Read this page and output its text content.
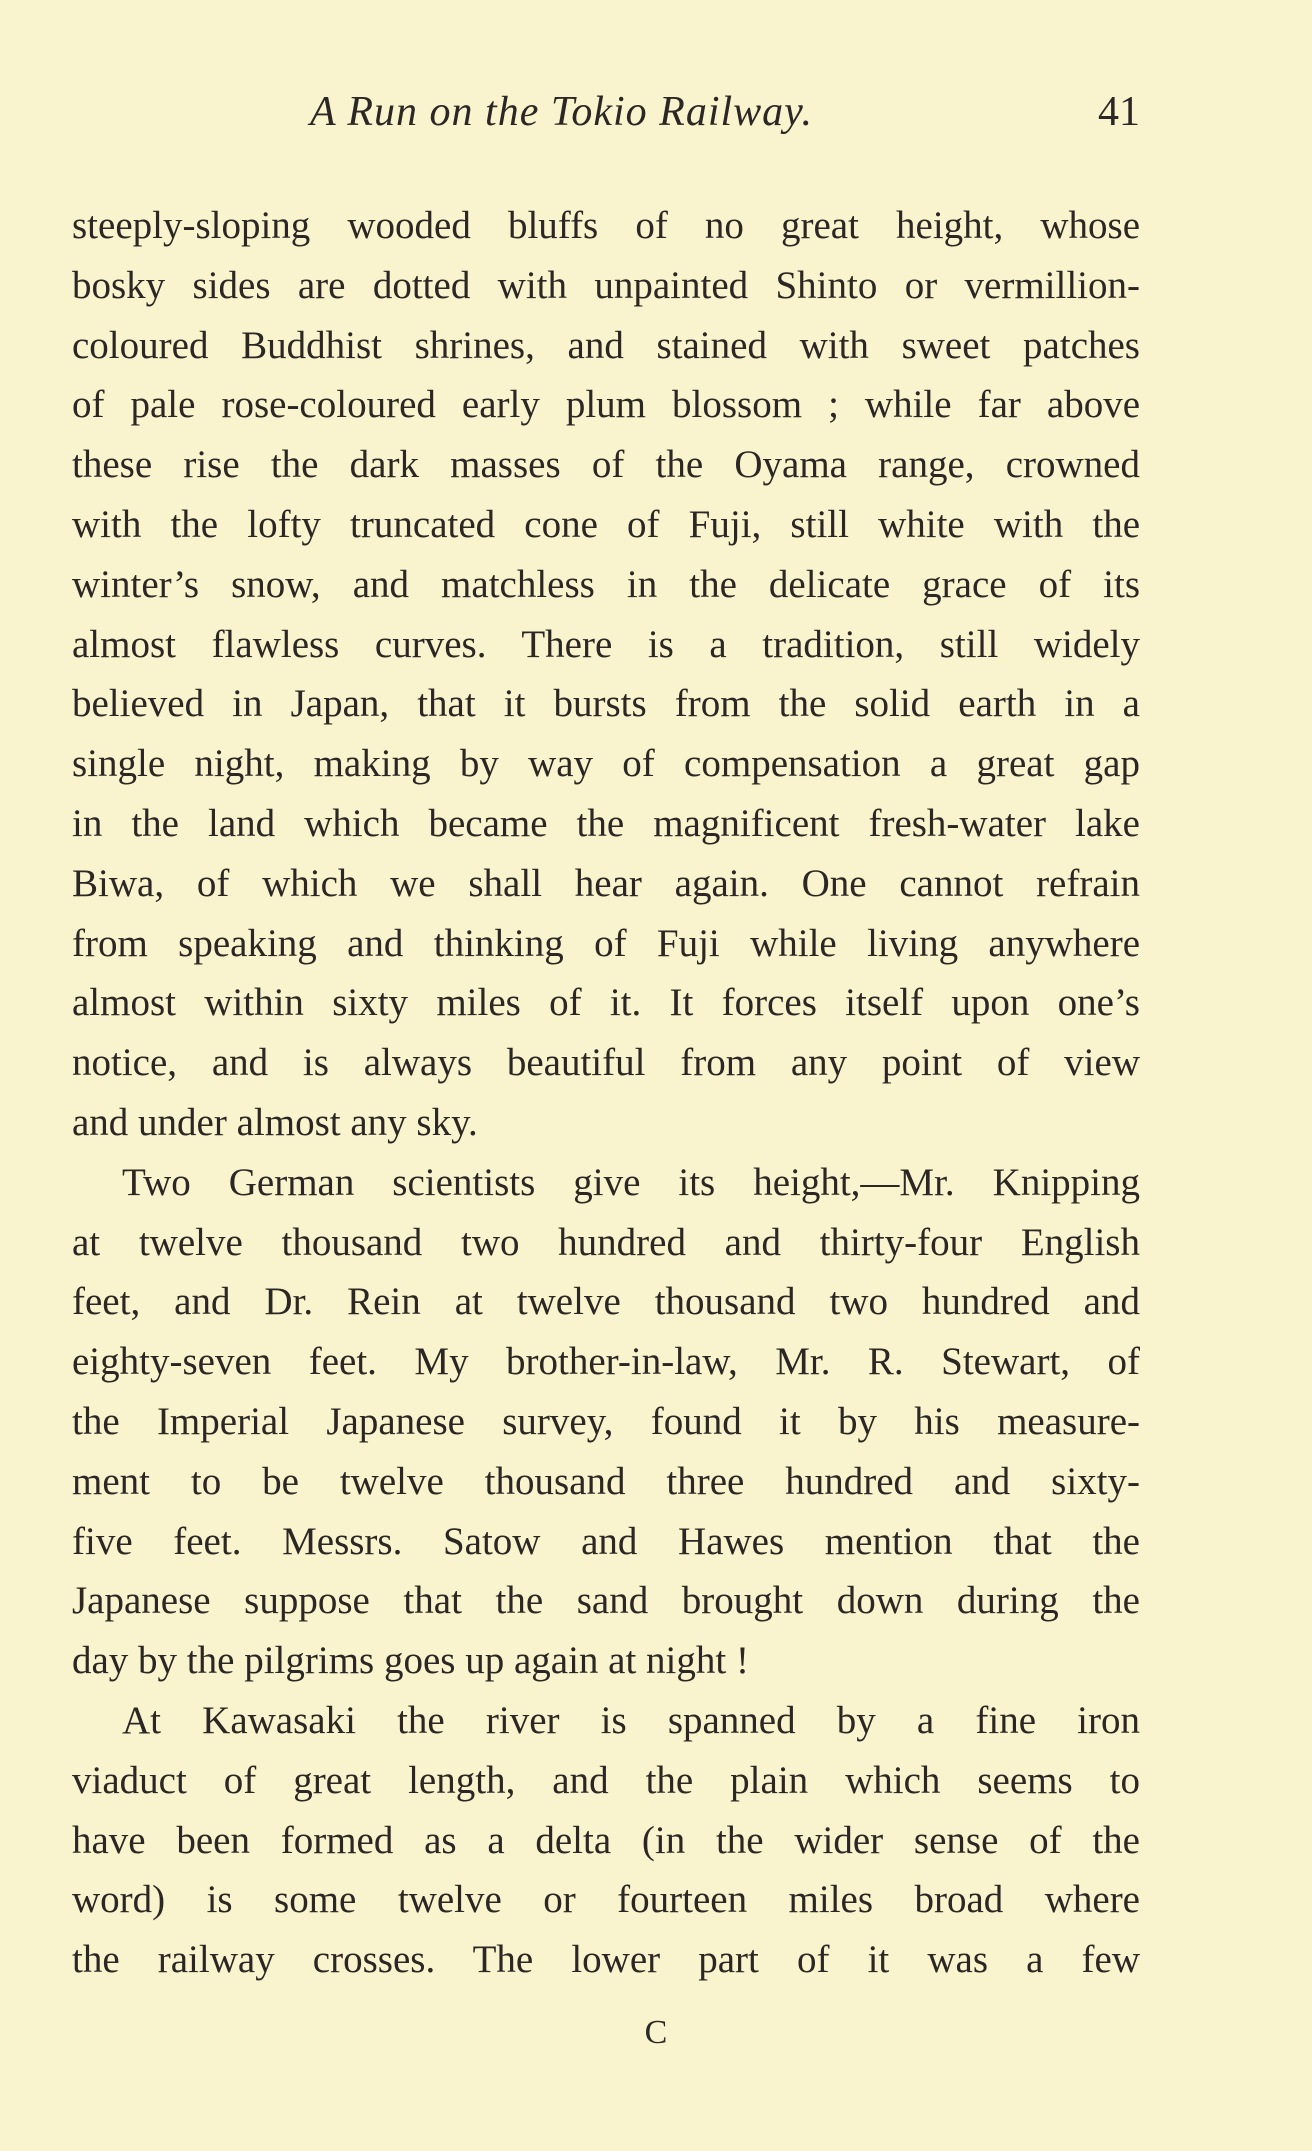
A Run on the Tokio Railway.	41
steeply-sloping wooded bluffs of no great height, whose
bosky sides are dotted with unpainted Shinto or vermillion-
coloured Buddhist shrines, and stained with sweet patches
of pale rose-coloured early plum blossom ; while far above
these rise the dark masses of the Oyama range, crowned
with the lofty truncated cone of Fuji, still white with the
winter’s snow, and matchless in the delicate grace of its
almost flawless curves. There is a tradition, still widely
believed in Japan, that it bursts from the solid earth in a
single night, making by way of compensation a great gap
in the land which became the magnificent fresh-water lake
Biwa, of which we shall hear again. One cannot refrain
from speaking and thinking of Fuji while living anywhere
almost within sixty miles of it. It forces itself upon one’s
notice, and is always beautiful from any point of view
and under almost any sky.
Two German scientists give its height,—Mr. Knipping
at twelve thousand two hundred and thirty-four English
feet, and Dr. Rein at twelve thousand two hundred and
eighty-seven feet. My brother-in-law, Mr. R. Stewart, of
the Imperial Japanese survey, found it by his measure-
ment to be twelve thousand three hundred and sixty-
five feet. Messrs. Satow and Hawes mention that the
Japanese suppose that the sand brought down during the
day by the pilgrims goes up again at night !
At Kawasaki the river is spanned by a fine iron
viaduct of great length, and the plain which seems to
have been formed as a delta (in the wider sense of the
word) is some twelve or fourteen miles broad where
the railway crosses. The lower part of it was a few
C
